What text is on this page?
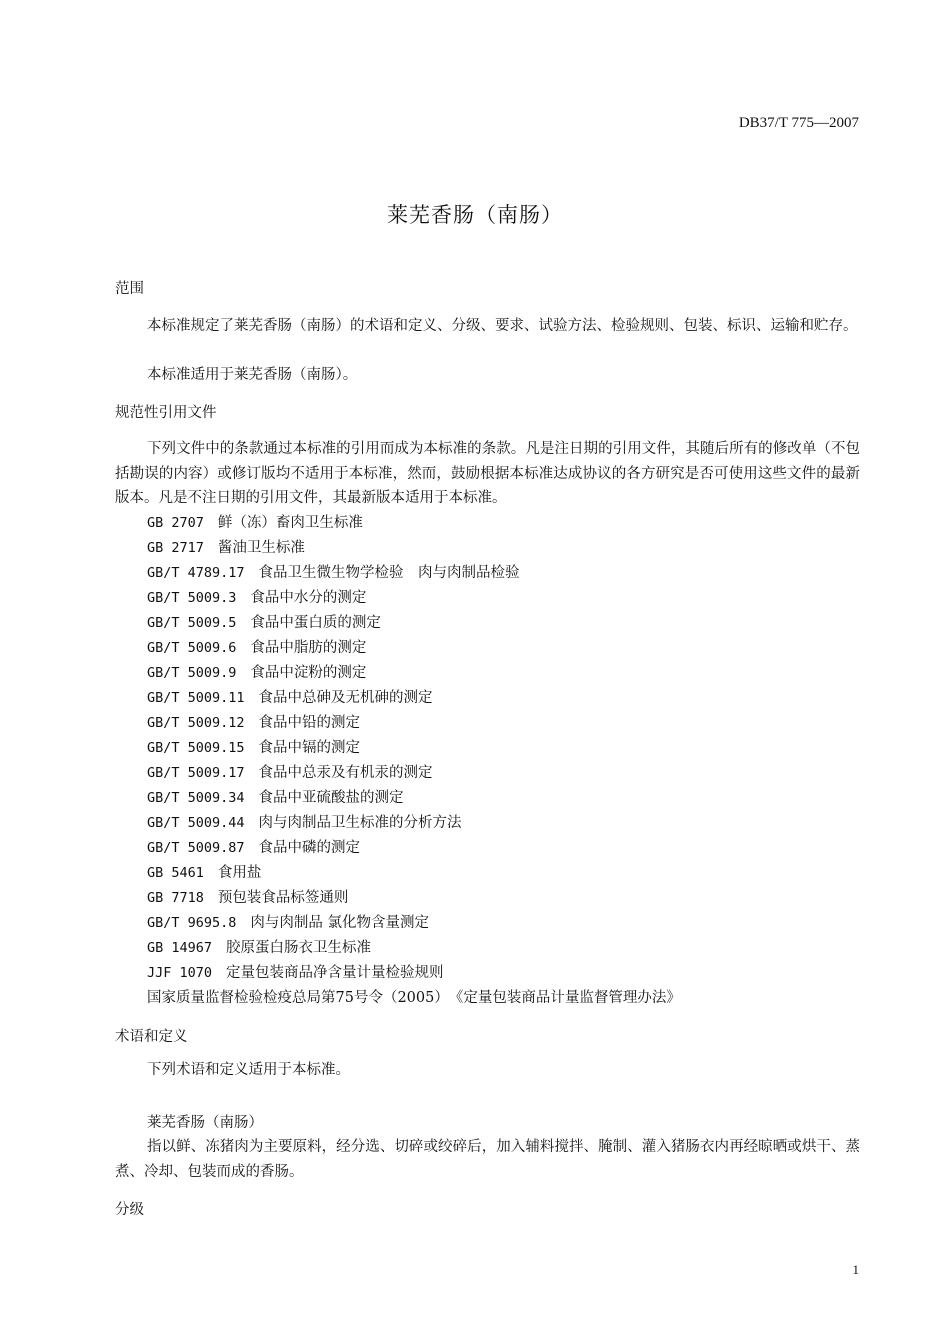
DB37/T 775—2007
莱芜香肠（南肠）
范围
本标准规定了莱芜香肠（南肠）的术语和定义、分级、要求、试验方法、检验规则、包装、标识、运输和贮存。
本标准适用于莱芜香肠（南肠）。
规范性引用文件
下列文件中的条款通过本标准的引用而成为本标准的条款。凡是注日期的引用文件，其随后所有的修改单（不包括勘误的内容）或修订版均不适用于本标准，然而，鼓励根据本标准达成协议的各方研究是否可使用这些文件的最新版本。凡是不注日期的引用文件，其最新版本适用于本标准。
GB 2707 鲜（冻）畜肉卫生标准
GB 2717 酱油卫生标准
GB/T 4789.17 食品卫生微生物学检验　肉与肉制品检验
GB/T 5009.3 食品中水分的测定
GB/T 5009.5 食品中蛋白质的测定
GB/T 5009.6 食品中脂肪的测定
GB/T 5009.9 食品中淀粉的测定
GB/T 5009.11 食品中总砷及无机砷的测定
GB/T 5009.12 食品中铅的测定
GB/T 5009.15 食品中镉的测定
GB/T 5009.17 食品中总汞及有机汞的测定
GB/T 5009.34 食品中亚硫酸盐的测定
GB/T 5009.44 肉与肉制品卫生标准的分析方法
GB/T 5009.87 食品中磷的测定
GB 5461 食用盐
GB 7718 预包装食品标签通则
GB/T 9695.8 肉与肉制品 氯化物含量测定
GB 14967 胶原蛋白肠衣卫生标准
JJF 1070 定量包装商品净含量计量检验规则
国家质量监督检验检疫总局第75号令（2005）　《定量包装商品计量监督管理办法》
术语和定义
下列术语和定义适用于本标准。
莱芜香肠（南肠）
指以鲜、冻猪肉为主要原料，经分选、切碎或绞碎后，加入辅料搅拌、腌制、灌入猪肠衣内再经晾晒或烘干、蒸煮、冷却、包装而成的香肠。
分级
1
